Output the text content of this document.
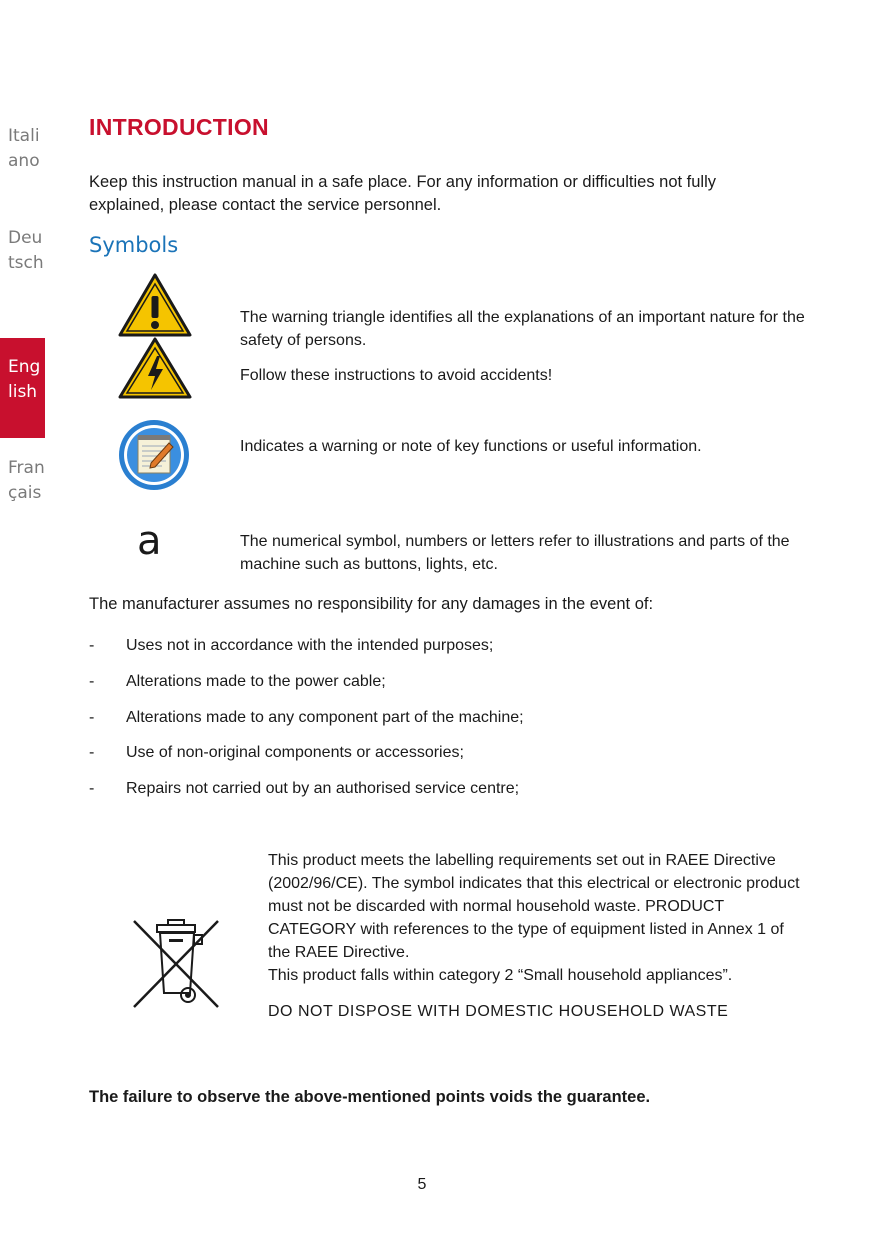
Italiano
Deutsch
English
Français
INTRODUCTION
Keep this instruction manual in a safe place. For any information or difficulties not fully explained, please contact the service personnel.
Symbols
The warning triangle identifies all the explanations of an important nature for the safety of persons.
Follow these instructions to avoid accidents!
Indicates a warning or note of key functions or useful information.
a	The numerical symbol, numbers or letters refer to illustrations and parts of the machine such as buttons, lights, etc.
The manufacturer assumes no responsibility for any damages in the event of:
- Uses not in accordance with the intended purposes;
- Alterations made to the power cable;
- Alterations made to any component part of the machine;
- Use of non-original components or accessories;
- Repairs not carried out by an authorised service centre;
This product meets the labelling requirements set out in RAEE Directive (2002/96/CE). The symbol indicates that this electrical or electronic product must not be discarded with normal household waste. PRODUCT CATEGORY with references to the type of equipment listed in Annex 1 of the RAEE Directive.
This product falls within category 2 “Small household appliances”.
DO NOT DISPOSE WITH DOMESTIC HOUSEHOLD WASTE
The failure to observe the above-mentioned points voids the guarantee.
5
